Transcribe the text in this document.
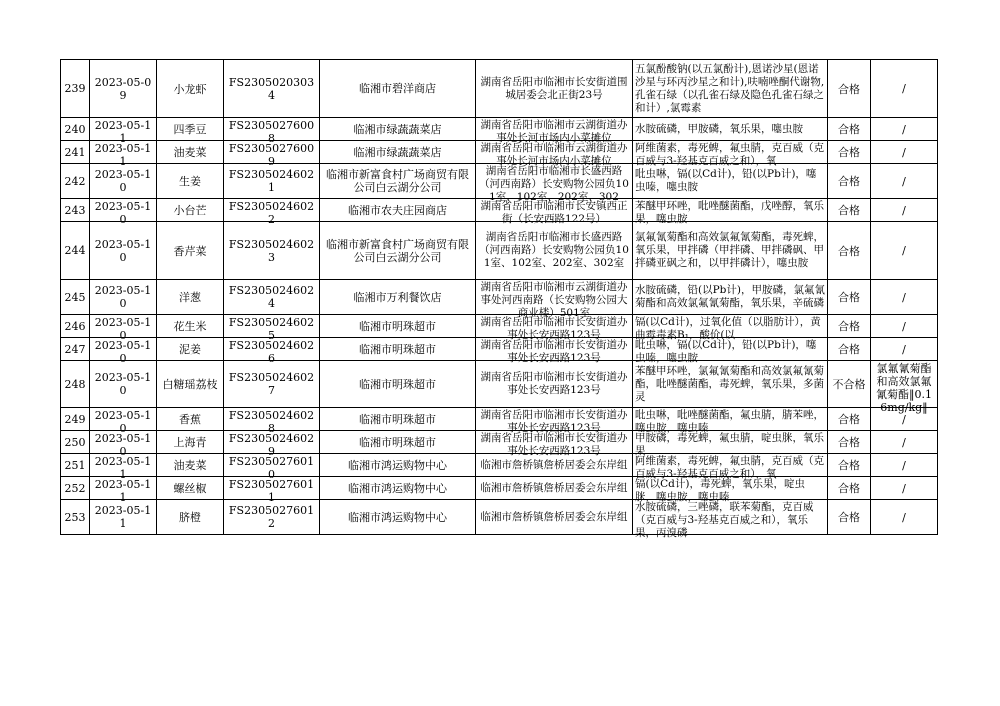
239	2023-05-09	小龙虾	FS23050203034	临湘市碧洋商店	湖南省岳阳市临湘市长安街道围城居委会北正街23号	五氯酚酸钠(以五氯酚计),恩诺沙星(恩诺沙星与环丙沙星之和计),呋喃唑酮代谢物,孔雀石绿（以孔雀石绿及隐色孔雀石绿之和计）,氯霉素	合格	/

240	2023-05-11	四季豆	FS23050276008	临湘市绿蔬蔬菜店	湖南省岳阳市临湘市云湖街道办事处长河市场内小菜摊位	水胺硫磷，甲胺磷，氧乐果，噻虫胺	合格	/

241	2023-05-11	油麦菜	FS23050276009	临湘市绿蔬蔬菜店	湖南省岳阳市临湘市云湖街道办事处长河市场内小菜摊位	阿维菌素，毒死蜱，氟虫腈，克百威（克百威与3-羟基克百威之和），氧	合格	/

242	2023-05-10	生姜	FS23050246021	临湘市新富食村广场商贸有限公司白云湖分公司	湖南省岳阳市临湘市长盛西路（河西南路）长安购物公园负101室、102室、202室、302	吡虫啉，镉(以Cd计)，铅(以Pb计)，噻虫嗪，噻虫胺	合格	/

243	2023-05-10	小台芒	FS23050246022	临湘市农夫庄园商店	湖南省岳阳市临湘市长安镇西正街（长安西路122号）	苯醚甲环唑，吡唑醚菌酯，戊唑醇，氧乐果，噻虫胺	合格	/

244	2023-05-10	香芹菜	FS23050246023	临湘市新富食村广场商贸有限公司白云湖分公司	湖南省岳阳市临湘市长盛西路（河西南路）长安购物公园负101室、102室、202室、302室	氯氟氰菊酯和高效氯氟氰菊酯，毒死蜱，氧乐果，甲拌磷（甲拌磷、甲拌磷砜、甲拌磷亚砜之和，以甲拌磷计），噻虫胺	合格	/

245	2023-05-10	洋葱	FS23050246024	临湘市万利餐饮店	湖南省岳阳市临湘市云湖街道办事处河西南路（长安购物公园大商业楼）501室	水胺硫磷，铅(以Pb计)，甲胺磷，氯氟氰菊酯和高效氯氟氰菊酯，氧乐果，辛硫磷	合格	/

246	2023-05-10	花生米	FS23050246025	临湘市明珠超市	湖南省岳阳市临湘市长安街道办事处长安西路123号	镉(以Cd计)，过氧化值（以脂肪计），黄曲霉毒素B₁，酸价(以	合格	/

247	2023-05-10	泥姜	FS23050246026	临湘市明珠超市	湖南省岳阳市临湘市长安街道办事处长安西路123号	吡虫啉，镉(以Cd计)，铅(以Pb计)，噻虫嗪，噻虫胺	合格	/

248	2023-05-10	白糖瑶荔枝	FS23050246027	临湘市明珠超市	湖南省岳阳市临湘市长安街道办事处长安西路123号	苯醚甲环唑，氯氟氰菊酯和高效氯氟氰菊酯，吡唑醚菌酯，毒死蜱，氧乐果，多菌灵	不合格	氯氟氰菊酯和高效氯氟氰菊酯‖0.16mg/kg‖

249	2023-05-10	香蕉	FS23050246028	临湘市明珠超市	湖南省岳阳市临湘市长安街道办事处长安西路123号	吡虫啉，吡唑醚菌酯，氟虫腈，腈苯唑，噻虫胺，噻虫嗪	合格	/

250	2023-05-10	上海青	FS23050246029	临湘市明珠超市	湖南省岳阳市临湘市长安街道办事处长安西路123号	甲胺磷，毒死蜱，氟虫腈，啶虫脒，氧乐果	合格	/

251	2023-05-11	油麦菜	FS23050276010	临湘市鸿运购物中心	临湘市詹桥镇詹桥居委会东岸组	阿维菌素，毒死蜱，氟虫腈，克百威（克百威与3-羟基克百威之和），氧	合格	/

252	2023-05-11	螺丝椒	FS23050276011	临湘市鸿运购物中心	临湘市詹桥镇詹桥居委会东岸组	镉(以Cd计)，毒死蜱，氧乐果，啶虫脒，噻虫胺，噻虫嗪	合格	/

253	2023-05-11	脐橙	FS23050276012	临湘市鸿运购物中心	临湘市詹桥镇詹桥居委会东岸组	水胺硫磷，三唑磷，联苯菊酯，克百威（克百威与3-羟基克百威之和），氧乐果，丙溴磷	合格	/
